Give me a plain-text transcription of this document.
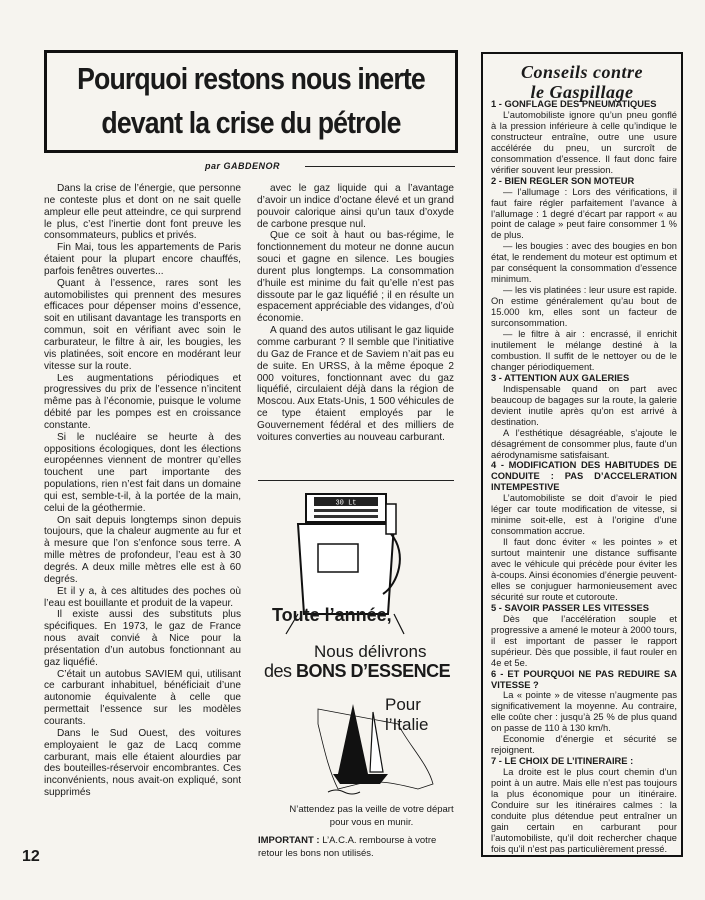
Pourquoi restons nous inerte
devant la crise du pétrole
par GABDENOR

Dans la crise de l’énergie, que personne ne conteste plus et dont on ne sait quelle ampleur elle peut atteindre, ce qui surprend le plus, c’est l’inertie dont font preuve les consommateurs, publics et privés.

Fin Mai, tous les appartements de Paris étaient pour la plupart encore chauffés, parfois fenêtres ouvertes...

Quant à l’essence, rares sont les automobilistes qui prennent des mesures efficaces pour dépenser moins d’essence, soit en utilisant davantage les transports en commun, soit en vérifiant avec soin le carburateur, le filtre à air, les bougies, les vis platinées, soit encore en modérant leur vitesse sur la route.

Les augmentations périodiques et progressives du prix de l’essence n’incitent même pas à l’économie, puisque le volume débité par les pompes est en croissance constante.

Si le nucléaire se heurte à des oppositions écologiques, dont les élections européennes viennent de montrer qu’elles touchent une part importante des populations, rien n’est fait dans un domaine qui est, semble-t-il, à la portée de la main, celui de la géothermie.

On sait depuis longtemps sinon depuis toujours, que la chaleur augmente au fur et à mesure que l’on s’enfonce sous terre. A mille mètres de profondeur, l’eau est à 30 degrés. A deux mille mètres elle est à 60 degrés.

Et il y a, à ces altitudes des poches où l’eau est bouillante et produit de la vapeur.

Il existe aussi des substituts plus spécifiques. En 1973, le gaz de France nous avait convié à Nice pour la présentation d’un autobus fonctionnant au gaz liquéfié.

C’était un autobus SAVIEM qui, utilisant ce carburant inhabituel, bénéficiait d’une autonomie équivalente à celle que permettait l’essence sur les modèles courants.

Dans le Sud Ouest, des voitures employaient le gaz de Lacq comme carburant, mais elle étaient alourdies par des bouteilles-réservoir encombrantes. Ces inconvénients, nous avait-on expliqué, sont supprimés

avec le gaz liquide qui a l’avantage d’avoir un indice d’octane élevé et un grand pouvoir calorique ainsi qu’un taux d’oxyde de carbone presque nul.

Que ce soit à haut ou bas-régime, le fonctionnement du moteur ne donne aucun souci et gagne en silence. Les bougies durent plus longtemps. La consommation d’huile est minime du fait qu’elle n’est pas dissoute par le gaz liquéfié ; il en résulte un espacement appréciable des vidanges, d’où économie.

A quand des autos utilisant le gaz liquide comme carburant ? Il semble que l’initiative du Gaz de France et de Saviem n’ait pas eu de suite. En URSS, à la même époque 2 000 voitures, fonctionnant avec du gaz liquéfié, circulaient déjà dans la région de Moscou. Aux Etats-Unis, 1 500 véhicules de ce type étaient employés par le Gouvernement fédéral et des milliers de voitures converties au nouveau carburant.

30 Lt
Toute l’année,
Nous délivrons
des BONS D’ESSENCE
Pour l’Italie
N’attendez pas la veille de votre départ pour vous en munir.
IMPORTANT : L’A.C.A. rembourse à votre retour les bons non utilisés.
Conseils contre
le Gaspillage
1 - GONFLAGE DES PNEUMATIQUES

L’automobiliste ignore qu’un pneu gonflé à la pression inférieure à celle qu’indique le constructeur entraîne, outre une usure accélérée du pneu, un surcroît de consommation d’essence. Il faut donc faire vérifier souvent leur pression.

2 - BIEN REGLER SON MOTEUR

— l’allumage : Lors des vérifications, il faut faire régler parfaitement l’avance à l’allumage : 1 degré d’écart par rapport « au point de calage » peut faire consommer 1 % de plus.

— les bougies : avec des bougies en bon état, le rendement du moteur est optimum et par conséquent la consommation d’essence minimum.

— les vis platinées : leur usure est rapide. On estime généralement qu’au bout de 15.000 km, elles sont un facteur de surconsommation.

— le filtre à air : encrassé, il enrichit inutilement le mélange destiné à la combustion. Il suffit de le nettoyer ou de le changer périodiquement.

3 - ATTENTION AUX GALERIES

Indispensable quand on part avec beaucoup de bagages sur la route, la galerie devient inutile après qu’on est arrivé à destination.

A l’esthétique désagréable, s’ajoute le désagrément de consommer plus, faute d’un aérodynamisme satisfaisant.

4 - MODIFICATION DES HABITUDES DE CONDUITE : PAS D’ACCELERATION INTEMPESTIVE

L’automobiliste se doit d’avoir le pied léger car toute modification de vitesse, si minime soit-elle, est à l’origine d’une consommation accrue.

Il faut donc éviter « les pointes » et surtout maintenir une distance suffisante avec le véhicule qui précède pour éviter les à-coups. Ainsi économies d’énergie peuvent-elles se conjuguer harmonieusement avec sécurité sur route et cutoroute.

5 - SAVOIR PASSER LES VITESSES

Dès que l’accélération souple et progressive a amené le moteur à 2000 tours, il est important de passer le rapport supérieur. Dès que possible, il faut rouler en 4e et 5e.

6 - ET POURQUOI NE PAS REDUIRE SA VITESSE ?

La « pointe » de vitesse n’augmente pas significativement la moyenne. Au contraire, elle coûte cher : jusqu’à 25 % de plus quand on passe de 110 à 130 km/h.

Economie d’énergie et sécurité se rejoignent.

7 - LE CHOIX DE L’ITINERAIRE :

La droite est le plus court chemin d’un point à un autre. Mais elle n’est pas toujours la plus économique pour un itinéraire. Conduire sur les itinéraires calmes : la conduite plus détendue peut entraîner un gain certain en carburant pour l’automobiliste, qu’il doit rechercher chaque fois qu’il n’est pas particulièrement pressé.

12
